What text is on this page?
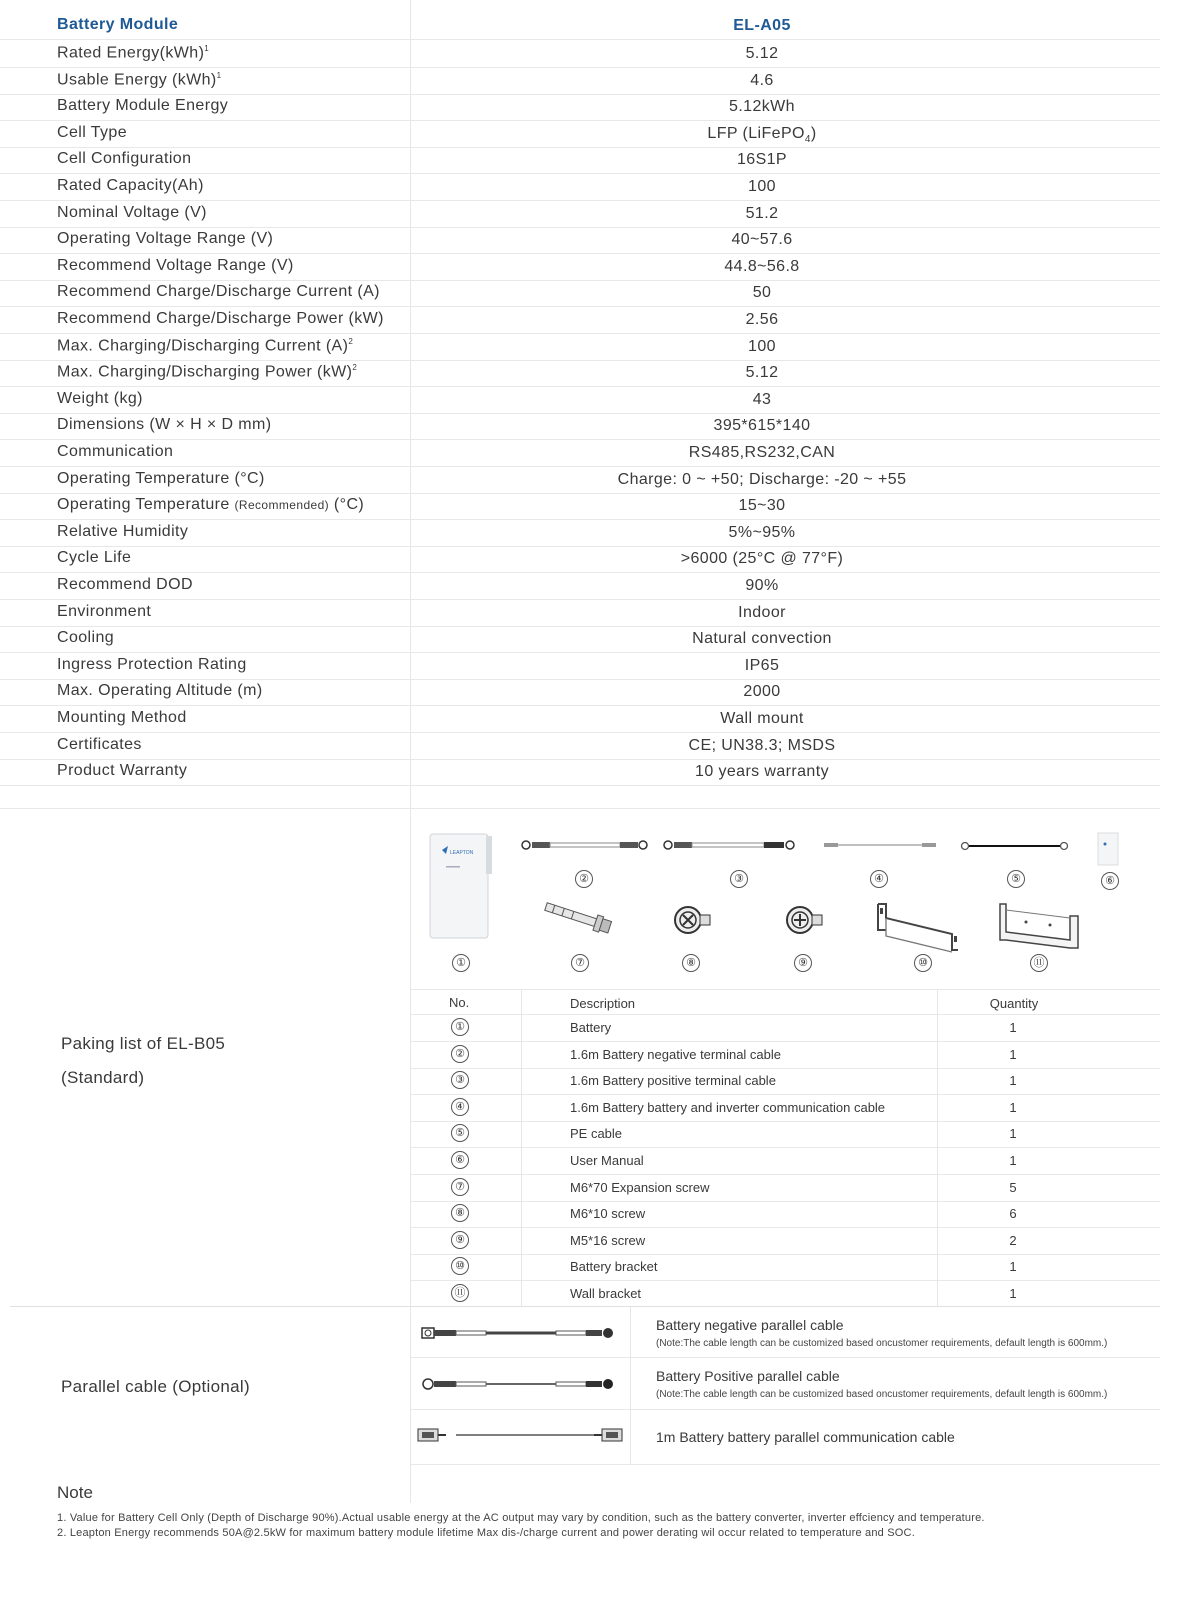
Battery Module	EL-A05
Rated Energy(kWh)$^1$	5.12
Usable Energy (kWh)$^1$	4.6
Battery Module Energy	5.12kWh
Cell Type	LFP (LiFePO$_4$)
Cell Configuration	16S1P
Rated Capacity(Ah)	100
Nominal Voltage (V)	51.2
Operating Voltage Range (V)	40~57.6
Recommend Voltage Range (V)	44.8~56.8
Recommend Charge/Discharge Current (A)	50
Recommend Charge/Discharge Power (kW)	2.56
Max. Charging/Discharging Current $(A)^2$	100
Max. Charging/Discharging Power (kW)$^2$	5.12
Weight (kg)	43
Dimensions (W × H × D mm)	395*615*140
Communication	RS485,RS232,CAN
Operating Temperature (°C)	Charge: 0 ~ +50; Discharge: -20 ~ +55
Operating Temperature (Recommended) (°C)	15~30
Relative Humidity	5%~95%
Cycle Life	>6000 (25°C @ 77°F)
Recommend DOD	90%
Environment	Indoor
Cooling	Natural convection
Ingress Protection Rating	IP65
Max. Operating Altitude (m)	2000
Mounting Method	Wall mount
Certificates	CE; UN38.3; MSDS
Product Warranty	10 years warranty
LEAPTON
②	③	④	⑤	⑥
①	⑦	⑧	⑨	⑩	⑪
Paking list of EL-B05
(Standard)
No.	Description	Quantity
①	Battery	1
②	1.6m Battery negative terminal cable	1
③	1.6m Battery positive terminal cable	1
④	1.6m Battery battery and inverter communication cable	1
⑤	PE cable	1
⑥	User Manual	1
⑦	M6*70 Expansion screw	5
⑧	M6*10 screw	6
⑨	M5*16 screw	2
⑩	Battery bracket	1
⑪	Wall bracket	1
Parallel cable (Optional)
Battery negative parallel cable
(Note:The cable length can be customized based oncustomer requirements, default length is 600mm.)
Battery Positive parallel cable
(Note:The cable length can be customized based oncustomer requirements, default length is 600mm.)
1m Battery battery parallel communication cable
Note
1. Value for Battery Cell Only (Depth of Discharge 90%).Actual usable energy at the AC output may vary by condition, such as the battery converter, inverter effciency and temperature.
2. Leapton Energy recommends 50A@2.5kW for maximum battery module lifetime Max dis-/charge current and power derating wil occur related to temperature and SOC.
